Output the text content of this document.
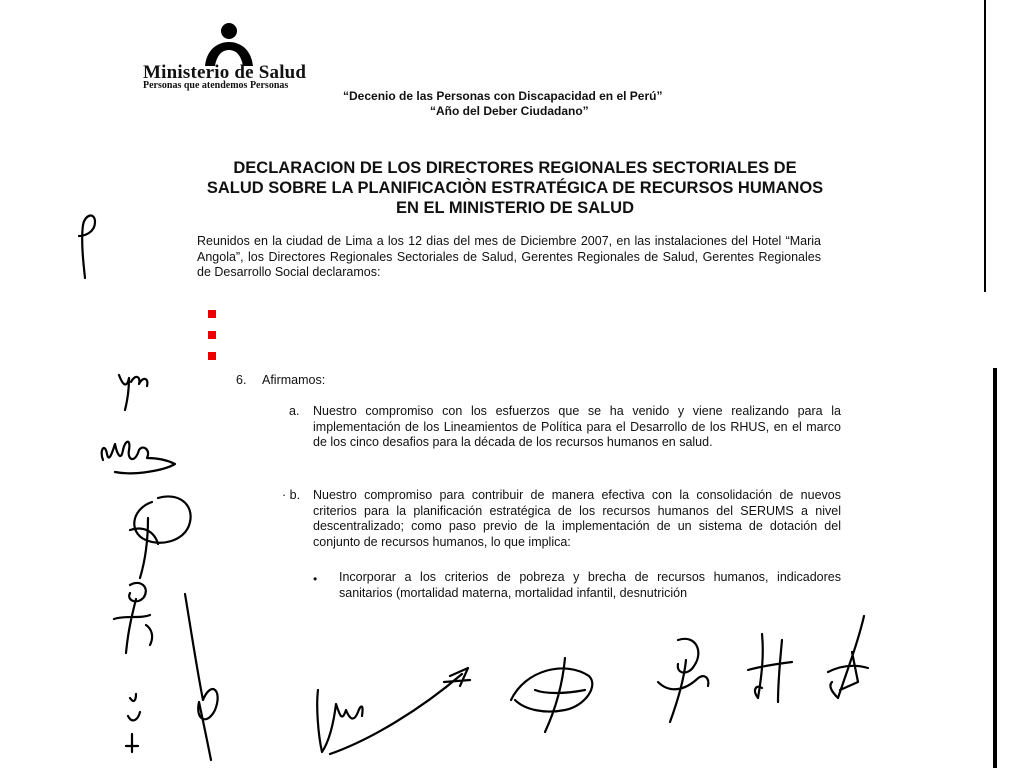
Ministerio de Salud
Personas que atendemos Personas
“Decenio de las Personas con Discapacidad en el Perú”
“Año del Deber Ciudadano”
DECLARACION DE LOS DIRECTORES REGIONALES SECTORIALES DE SALUD SOBRE LA PLANIFICACIÒN ESTRATÉGICA DE RECURSOS HUMANOS EN EL MINISTERIO DE SALUD
Reunidos en la ciudad de Lima a los 12 dias del mes de Diciembre 2007, en las instalaciones del Hotel “Maria Angola”, los Directores Regionales Sectoriales de Salud, Gerentes Regionales de Salud, Gerentes Regionales de Desarrollo Social declaramos:
6. Afirmamos:
a. Nuestro compromiso con los esfuerzos que se ha venido y viene realizando para la implementación de los Lineamientos de Política para el Desarrollo de los RHUS, en el marco de los cinco desafios para la década de los recursos humanos en salud.
· b. Nuestro compromiso para contribuir de manera efectiva con la consolidación de nuevos criterios para la planificación estratégica de los recursos humanos del SERUMS a nivel descentralizado; como paso previo de la implementación de un sistema de dotación del conjunto de recursos humanos, lo que implica:
• Incorporar a los criterios de pobreza y brecha de recursos humanos, indicadores sanitarios (mortalidad materna, mortalidad infantil, desnutrición
